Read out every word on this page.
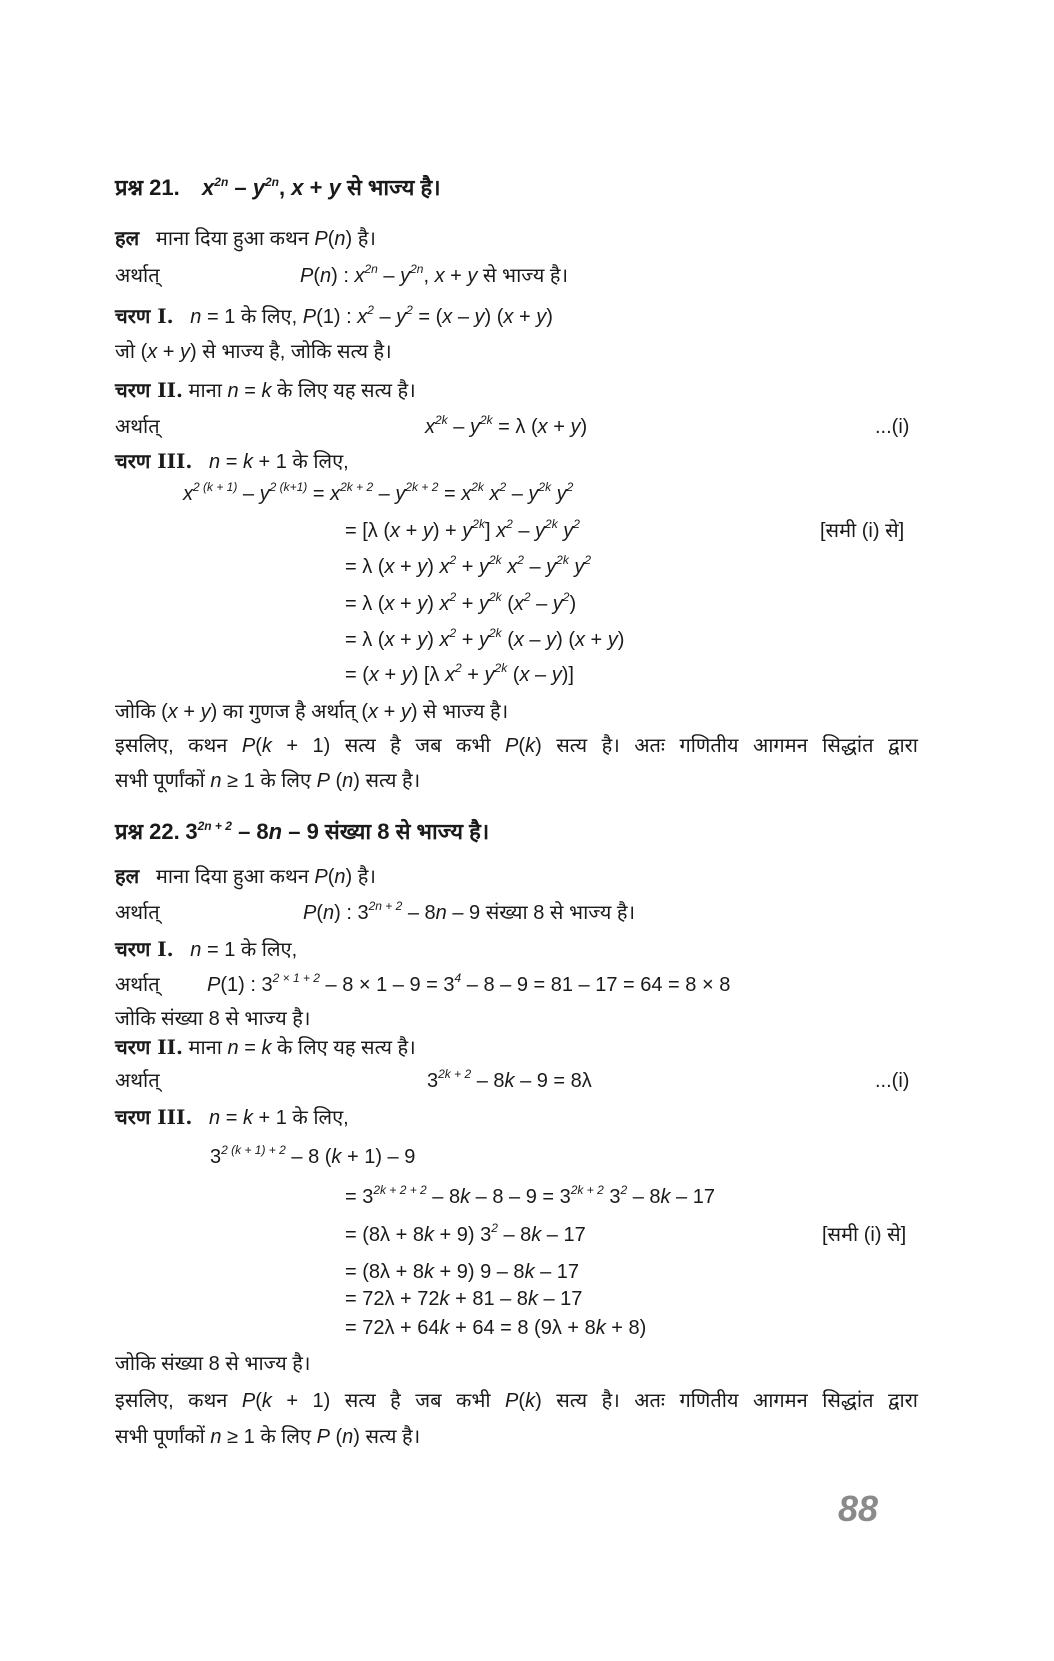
प्रश्न 21. $x^{2n} - y^{2n}$, x + y से भाज्य है।
हल माना दिया हुआ कथन P(n) है।
अर्थात्	P(n) : $x^{2n} - y^{2n}$, x + y से भाज्य है।
चरण I. n = 1 के लिए, P(1) : $x^2 - y^2 = (x - y) (x + y)$
जो (x + y) से भाज्य है, जोकि सत्य है।
चरण II. माना n = k के लिए यह सत्य है।
अर्थात्	$x^{2k} - y^{2k} = \lambda$ (x + y)	...(i)
चरण III. n = k + 1 के लिए,
$x^{2 (k + 1)} - y^{2 (k+1)} = x^{2k + 2} - y^{2k + 2} = x^{2k}$ $x^2 - y^{2k}$ $y^2$
= [λ $(x + y) + y^{2k}$] $x^2 - y^{2k}$ $y^2$	[समी (i) से]
= λ (x + y) $x^2 + y^{2k}$ $x^2 - y^{2k}$ $y^2$
= λ (x + y) $x^2 + y^{2k}$ $(x^2 - y^2)$
= λ (x + y) $x^2 + y^{2k}$ (x – y) (x + y)
= (x + y) [λ $x^2 + y^{2k}$ (x – y)]
जोकि (x + y) का गुणज है अर्थात् (x + y) से भाज्य है।
इसलिए, कथन P(k + 1) सत्य है जब कभी P(k) सत्य है। अतः गणितीय आगमन सिद्धांत द्वारा
सभी पूर्णांकों n ≥ 1 के लिए P (n) सत्य है।
प्रश्न 22. $3^{2n + 2} - 8n - 9$ संख्या 8 से भाज्य है।
हल माना दिया हुआ कथन P(n) है।
अर्थात्	P(n) : $3^{2n + 2} - 8n - 9$ संख्या 8 से भाज्य है।
चरण I. n = 1 के लिए,
अर्थात् P(1) : $3^{2 \times 1 + 2} - 8 \times 1 - 9 = 3^4 - 8 - 9 = 81 - 17 = 64 = 8 \times 8$
जोकि संख्या 8 से भाज्य है।
चरण II. माना n = k के लिए यह सत्य है।
अर्थात्	$3^{2k + 2} - 8k - 9 = 8\lambda$	...(i)
चरण III. n = k + 1 के लिए,
$3^{2 (k + 1) + 2} - 8$ (k + 1) – 9
= $3^{2k + 2 + 2} - 8k - 8 - 9 = 3^{2k + 2}$ $3^2 - 8k - 17$
= (8λ + 8k + 9) $3^2 - 8k - 17$	[समी (i) से]
= (8λ + 8k + 9) 9 – 8k – 17
= 72λ + 72k + 81 – 8k – 17
= 72λ + 64k + 64 = 8 (9λ + 8k + 8)
जोकि संख्या 8 से भाज्य है।
इसलिए, कथन P(k + 1) सत्य है जब कभी P(k) सत्य है। अतः गणितीय आगमन सिद्धांत द्वारा
सभी पूर्णांकों n ≥ 1 के लिए P (n) सत्य है।
88
